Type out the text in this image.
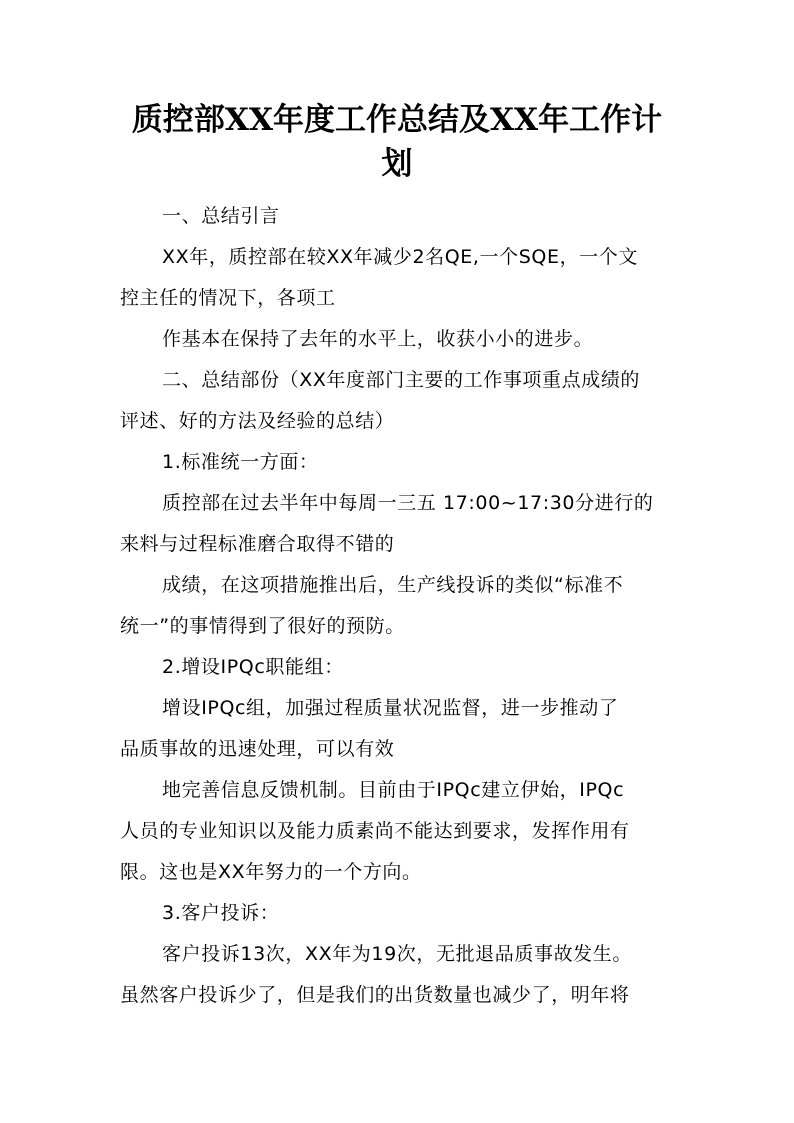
质控部XX年度工作总结及XX年工作计
划
一、总结引言
XX年，质控部在较XX年减少2名QE,一个SQE，一个文
控主任的情况下，各项工
作基本在保持了去年的水平上，收获小小的进步。
二、总结部份（XX年度部门主要的工作事项重点成绩的
评述、好的方法及经验的总结）
1.标准统一方面：
质控部在过去半年中每周一三五 17:00~17:30分进行的
来料与过程标准磨合取得不错的
成绩，在这项措施推出后，生产线投诉的类似“标准不
统一”的事情得到了很好的预防。
2.增设IPQc职能组：
增设IPQc组，加强过程质量状况监督，进一步推动了
品质事故的迅速处理，可以有效
地完善信息反馈机制。目前由于IPQc建立伊始，IPQc
人员的专业知识以及能力质素尚不能达到要求，发挥作用有
限。这也是XX年努力的一个方向。
3.客户投诉：
客户投诉13次，XX年为19次，无批退品质事故发生。
虽然客户投诉少了，但是我们的出货数量也减少了，明年将
